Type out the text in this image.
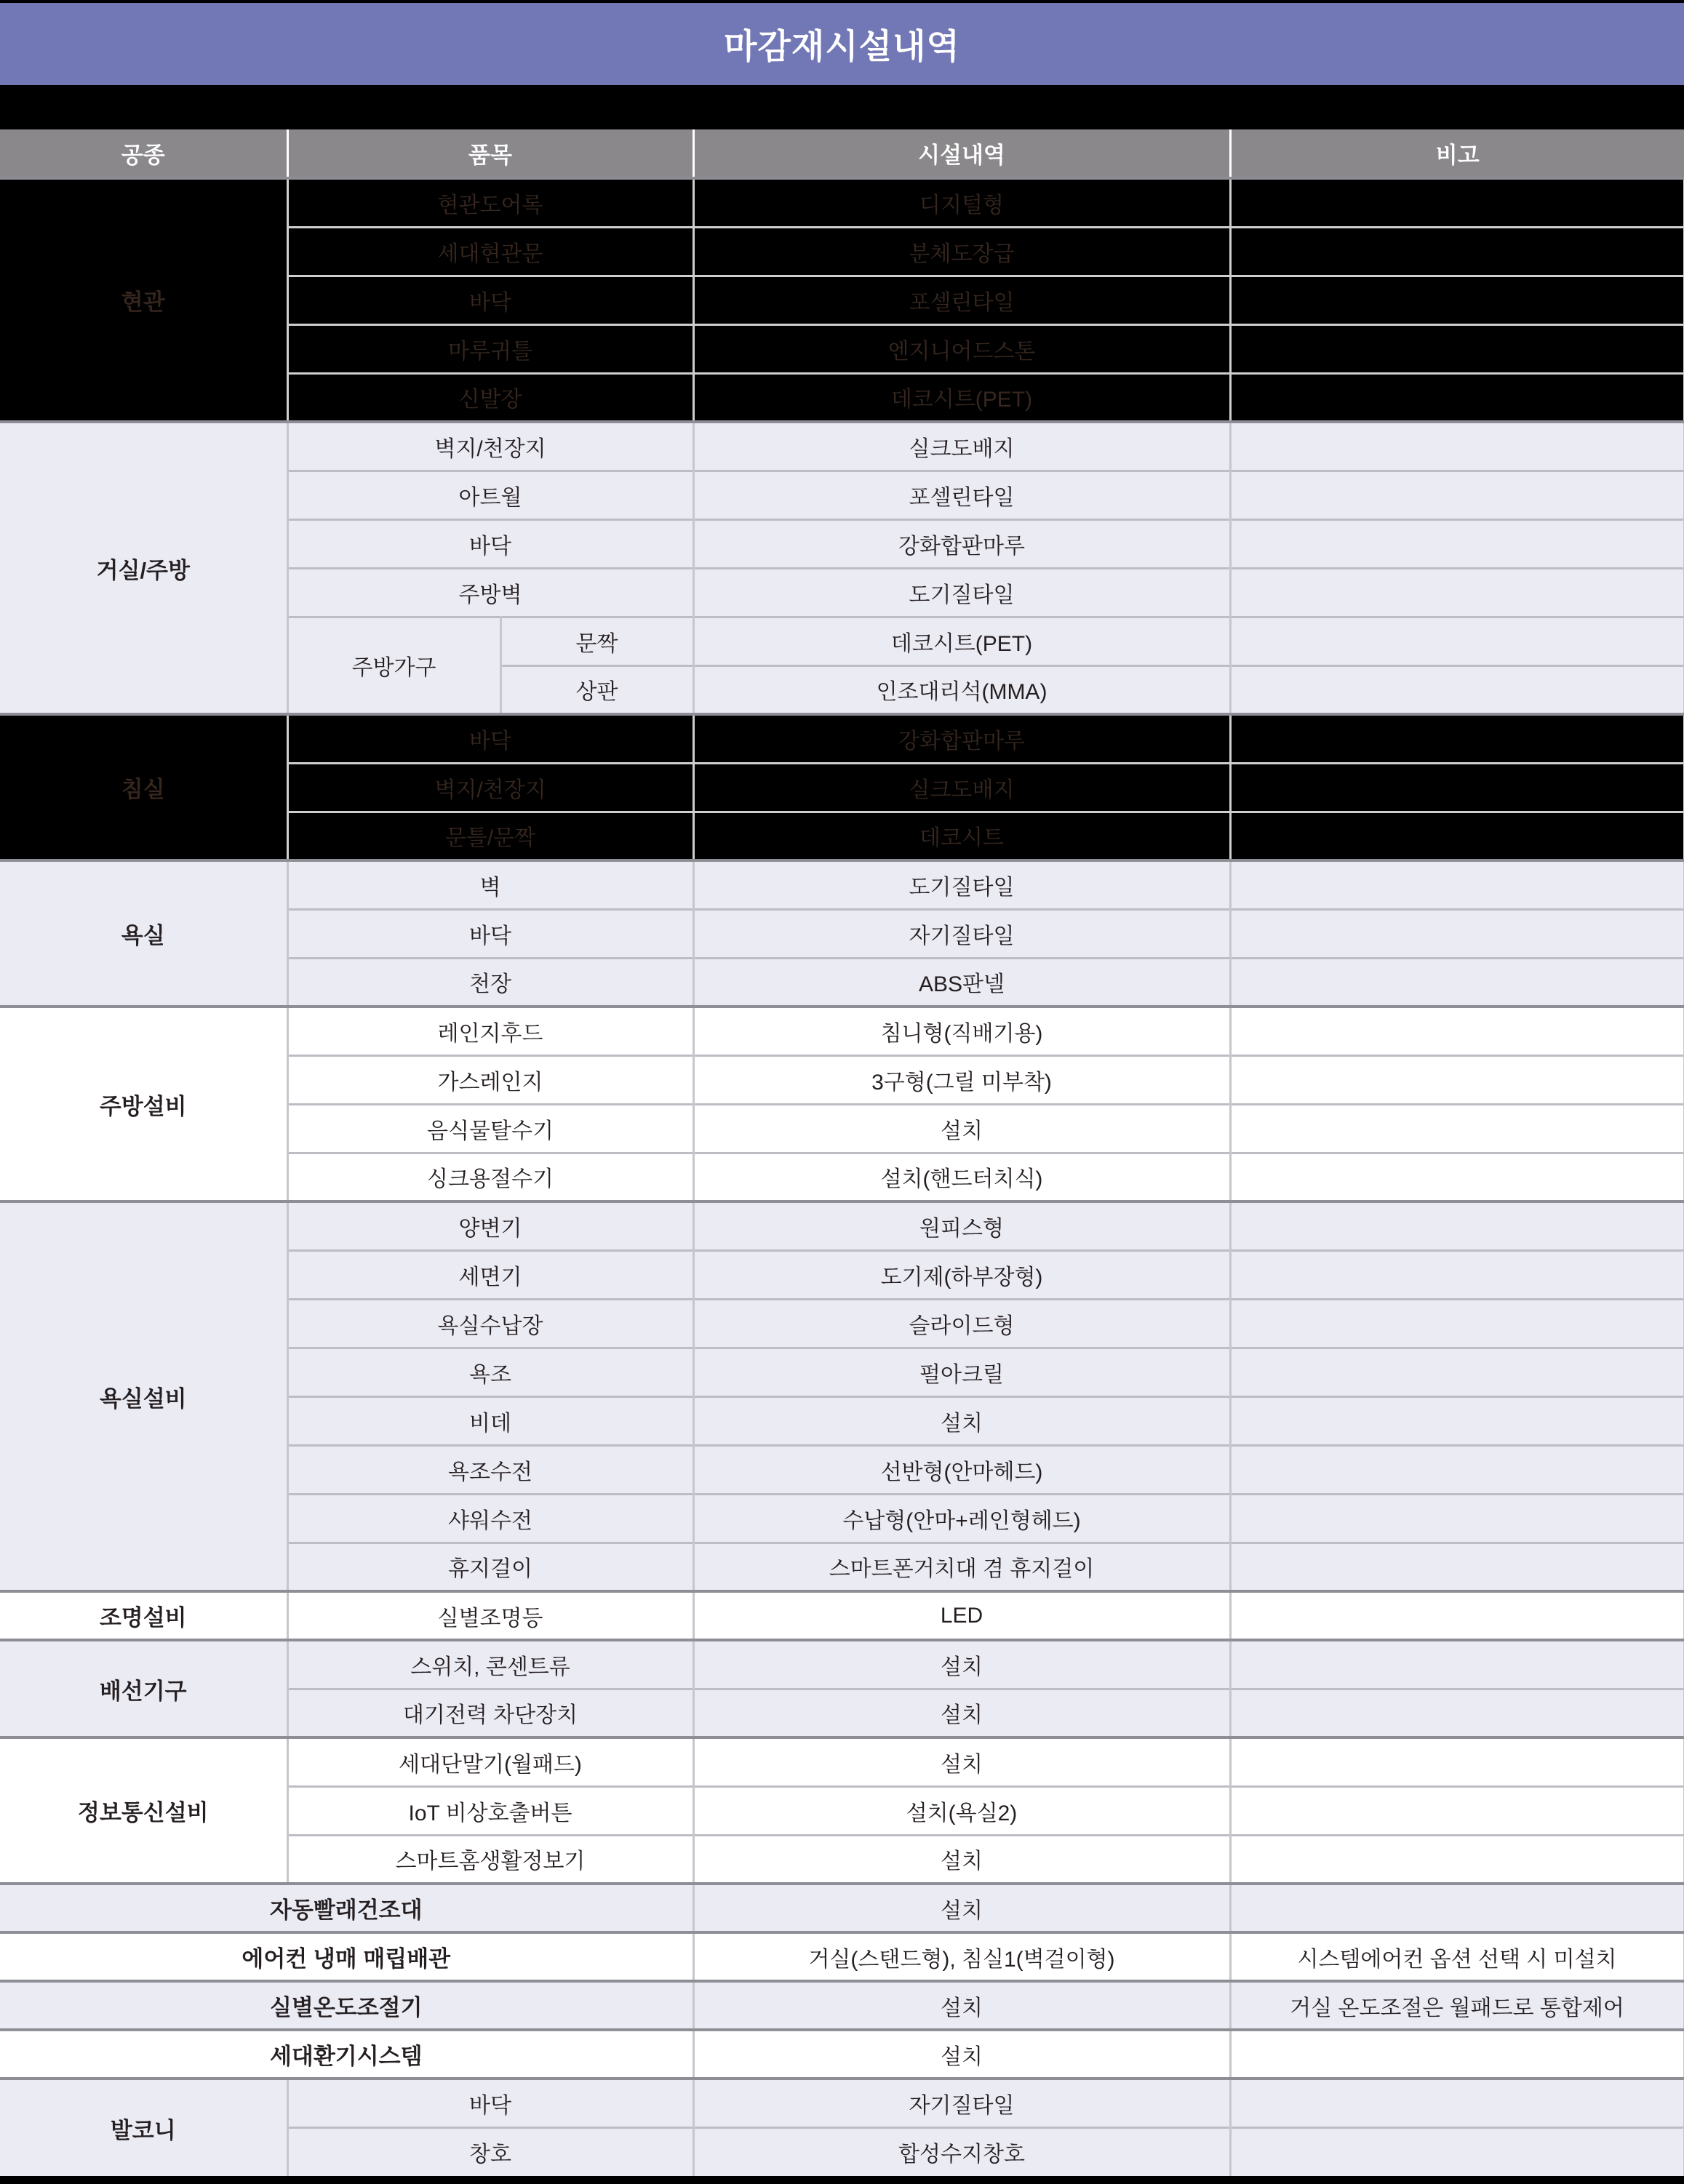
마감재시설내역
공종	품목		시설내역	비고
현관	현관도어록		디지털형	
	세대현관문		분체도장급	
	바닥		포셀린타일	
	마루귀틀		엔지니어드스톤	
	신발장		데코시트(PET)	
거실/주방	벽지/천장지		실크도배지	
	아트월		포셀린타일	
	바닥		강화합판마루	
	주방벽		도기질타일	
	주방가구	문짝	데코시트(PET)	
		상판	인조대리석(MMA)	
침실	바닥		강화합판마루	
	벽지/천장지		실크도배지	
	문틀/문짝		데코시트	
욕실	벽		도기질타일	
	바닥		자기질타일	
	천장		ABS판넬	
주방설비	레인지후드		침니형(직배기용)	
	가스레인지		3구형(그릴 미부착)	
	음식물탈수기		설치	
	싱크용절수기		설치(핸드터치식)	
욕실설비	양변기		원피스형	
	세면기		도기제(하부장형)	
	욕실수납장		슬라이드형	
	욕조		펄아크릴	
	비데		설치	
	욕조수전		선반형(안마헤드)	
	샤워수전		수납형(안마+레인형헤드)	
	휴지걸이		스마트폰거치대 겸 휴지걸이	
조명설비	실별조명등		LED	
배선기구	스위치, 콘센트류		설치	
	대기전력 차단장치		설치	
정보통신설비	세대단말기(월패드)		설치	
	IoT 비상호출버튼		설치(욕실2)	
	스마트홈생활정보기		설치	
자동빨래건조대			설치	
에어컨 냉매 매립배관			거실(스탠드형), 침실1(벽걸이형)	시스템에어컨 옵션 선택 시 미설치
실별온도조절기			설치	거실 온도조절은 월패드로 통합제어
세대환기시스템			설치	
발코니	바닥		자기질타일	
	창호		합성수지창호	
